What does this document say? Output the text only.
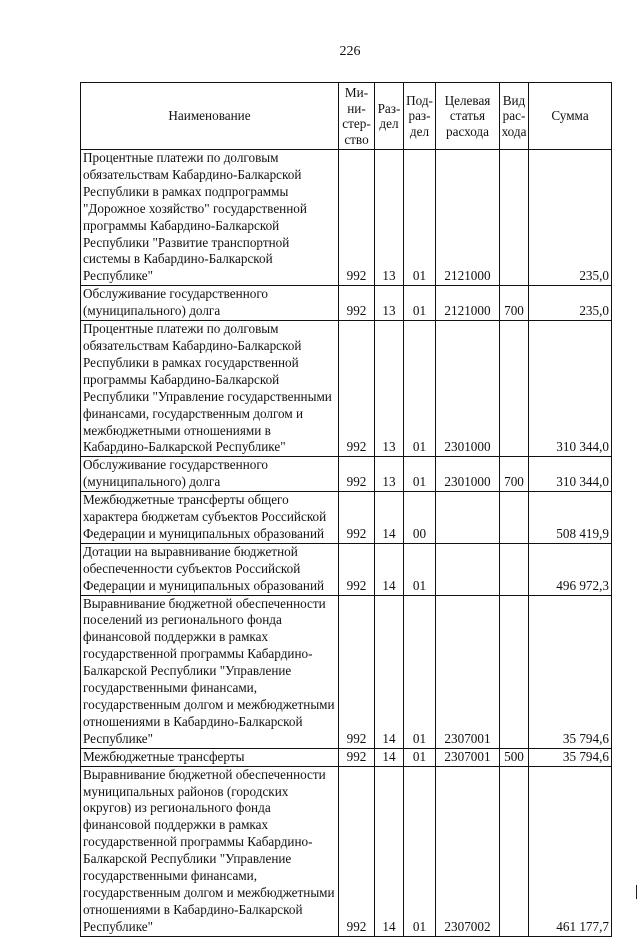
226
Наименование	Ми-ни-стер-ство	Раз-дел	Под-раз-дел	Целевая статья расхода	Вид рас-хода	Сумма
Процентные платежи по долговым обязательствам Кабардино-Балкарской Республики в рамках подпрограммы "Дорожное хозяйство" государственной программы Кабардино-Балкарской Республики "Развитие транспортной системы в Кабардино-Балкарской Республике"	992	13	01	2121000		235,0
Обслуживание государственного (муниципального) долга	992	13	01	2121000	700	235,0
Процентные платежи по долговым обязательствам Кабардино-Балкарской Республики в рамках государственной программы Кабардино-Балкарской Республики "Управление государственными финансами, государственным долгом и межбюджетными отношениями в Кабардино-Балкарской Республике"	992	13	01	2301000		310 344,0
Обслуживание государственного (муниципального) долга	992	13	01	2301000	700	310 344,0
Межбюджетные трансферты общего характера бюджетам субъектов Российской Федерации и муниципальных образований	992	14	00			508 419,9
Дотации на выравнивание бюджетной обеспеченности субъектов Российской Федерации и муниципальных образований	992	14	01			496 972,3
Выравнивание бюджетной обеспеченности поселений из регионального фонда финансовой поддержки в рамках государственной программы Кабардино-Балкарской Республики "Управление государственными финансами, государственным долгом и межбюджетными отношениями в Кабардино-Балкарской Республике"	992	14	01	2307001		35 794,6
Межбюджетные трансферты	992	14	01	2307001	500	35 794,6
Выравнивание бюджетной обеспеченности муниципальных районов (городских округов) из регионального фонда финансовой поддержки в рамках государственной программы Кабардино-Балкарской Республики "Управление государственными финансами, государственным долгом и межбюджетными отношениями в Кабардино-Балкарской Республике"	992	14	01	2307002		461 177,7
